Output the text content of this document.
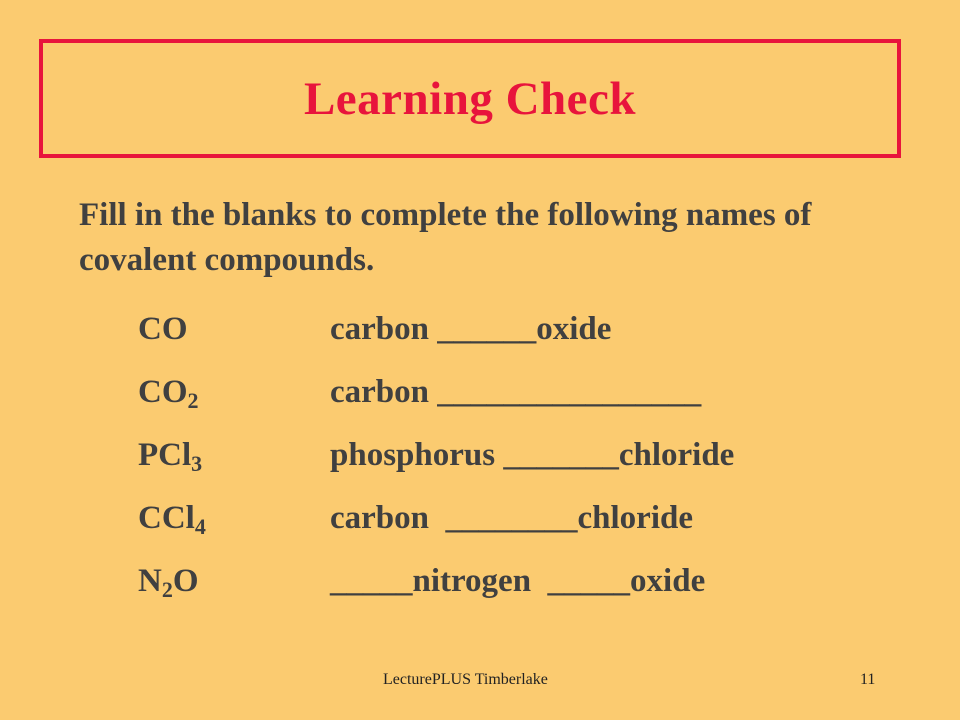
Learning Check

Fill in the blanks to complete the following names of covalent compounds.

CO	carbon ______oxide
$CO_2$	carbon ________________
PCl$_3$	phosphorus _______chloride
CCl$_4$	carbon  ________chloride
$N_2O$	_____nitrogen  _____oxide
LecturePLUS Timberlake	11
